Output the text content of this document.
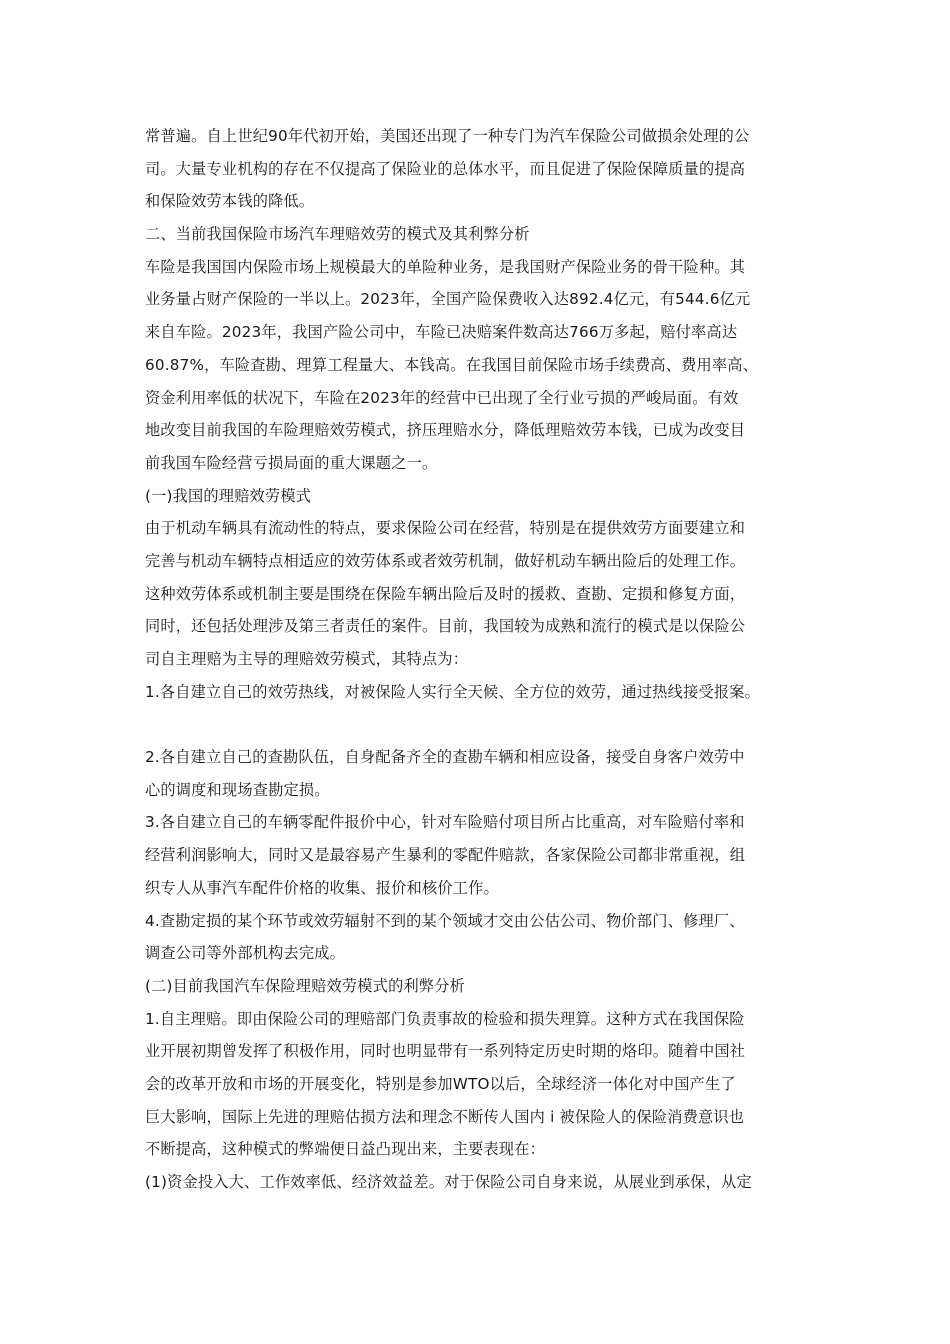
常普遍。自上世纪90年代初开始，美国还出现了一种专门为汽车保险公司做损余处理的公
司。大量专业机构的存在不仅提高了保险业的总体水平，而且促进了保险保障质量的提高
和保险效劳本钱的降低。
二、当前我国保险市场汽车理赔效劳的模式及其利弊分析
车险是我国国内保险市场上规模最大的单险种业务，是我国财产保险业务的骨干险种。其
业务量占财产保险的一半以上。2023年，全国产险保费收入达892.4亿元，有544.6亿元
来自车险。2023年，我国产险公司中，车险已决赔案件数高达766万多起，赔付率高达
60.87%，车险查勘、理算工程量大、本钱高。在我国目前保险市场手续费高、费用率高、
资金利用率低的状况下，车险在2023年的经营中已出现了全行业亏损的严峻局面。有效
地改变目前我国的车险理赔效劳模式，挤压理赔水分，降低理赔效劳本钱，已成为改变目
前我国车险经营亏损局面的重大课题之一。
(一)我国的理赔效劳模式
由于机动车辆具有流动性的特点，要求保险公司在经营，特别是在提供效劳方面要建立和
完善与机动车辆特点相适应的效劳体系或者效劳机制，做好机动车辆出险后的处理工作。
这种效劳体系或机制主要是围绕在保险车辆出险后及时的援救、查勘、定损和修复方面，
同时，还包括处理涉及第三者责任的案件。目前，我国较为成熟和流行的模式是以保险公
司自主理赔为主导的理赔效劳模式，其特点为：
1.各自建立自己的效劳热线，对被保险人实行全天候、全方位的效劳，通过热线接受报案。
2.各自建立自己的查勘队伍，自身配备齐全的查勘车辆和相应设备，接受自身客户效劳中
心的调度和现场查勘定损。
3.各自建立自己的车辆零配件报价中心，针对车险赔付项目所占比重高，对车险赔付率和
经营利润影响大，同时又是最容易产生暴利的零配件赔款，各家保险公司都非常重视，组
织专人从事汽车配件价格的收集、报价和核价工作。
4.查勘定损的某个环节或效劳辐射不到的某个领域才交由公估公司、物价部门、修理厂、
调查公司等外部机构去完成。
(二)目前我国汽车保险理赔效劳模式的利弊分析
1.自主理赔。即由保险公司的理赔部门负责事故的检验和损失理算。这种方式在我国保险
业开展初期曾发挥了积极作用，同时也明显带有一系列特定历史时期的烙印。随着中国社
会的改革开放和市场的开展变化，特别是参加WTO以后，全球经济一体化对中国产生了
巨大影响，国际上先进的理赔估损方法和理念不断传人国内 i 被保险人的保险消费意识也
不断提高，这种模式的弊端便日益凸现出来，主要表现在：
(1)资金投入大、工作效率低、经济效益差。对于保险公司自身来说，从展业到承保，从定
